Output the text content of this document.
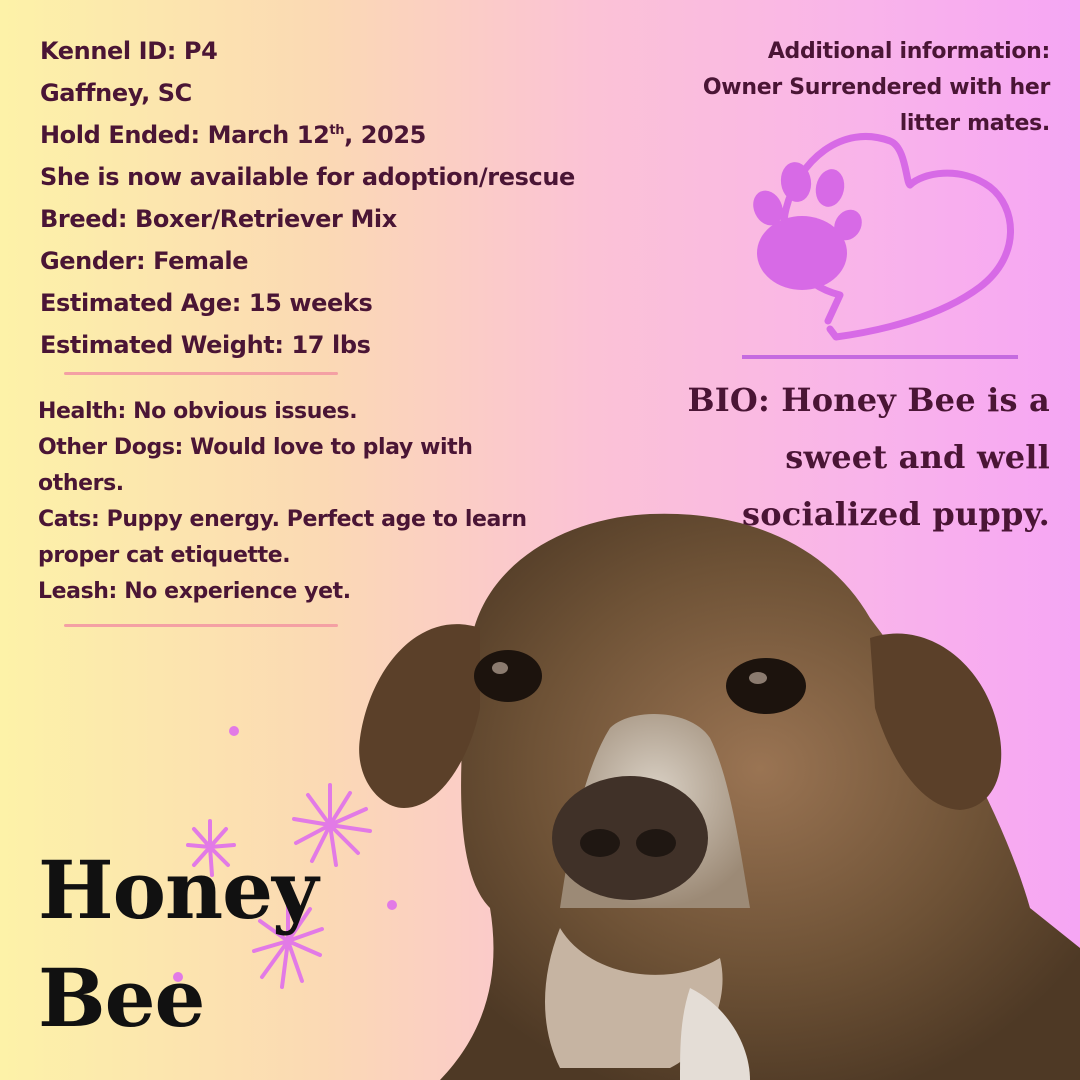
Kennel ID: P4
Gaffney, SC
Hold Ended: March 12th, 2025
She is now available for adoption/rescue
Breed: Boxer/Retriever Mix
Gender: Female
Estimated Age: 15 weeks
Estimated Weight: 17 lbs
Health: No obvious issues.
Other Dogs: Would love to play with others.
Cats: Puppy energy. Perfect age to learn proper cat etiquette.
Leash: No experience yet.
Additional information:
Owner Surrendered with her
litter mates.
BIO: Honey Bee is a sweet and well socialized puppy.
Honey
Bee
